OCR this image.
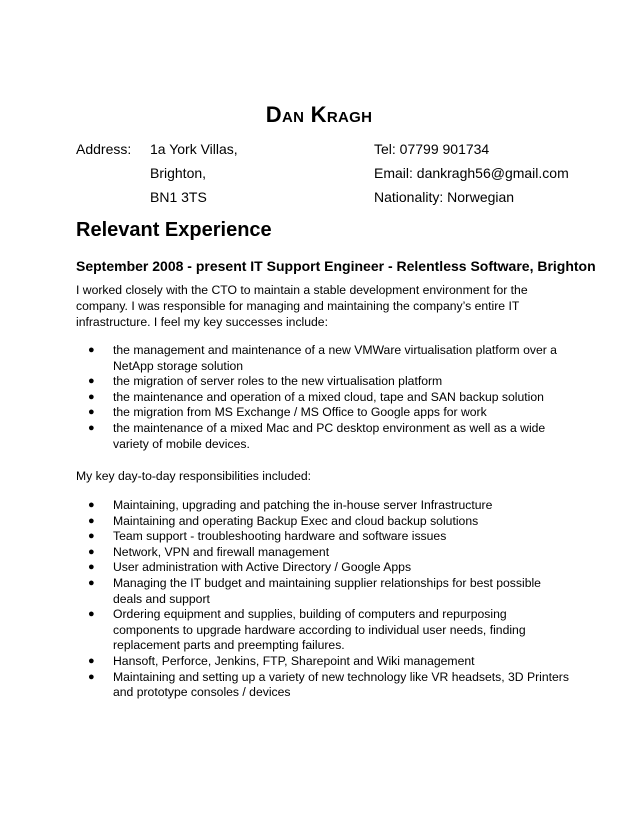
Dan Kragh
Address: 1a York Villas,
Brighton,
BN1 3TS
Tel: 07799 901734
Email: dankragh56@gmail.com
Nationality: Norwegian
Relevant Experience
September 2008 - present IT Support Engineer - Relentless Software, Brighton
I worked closely with the CTO to maintain a stable development environment for the company. I was responsible for managing and maintaining the company’s entire IT infrastructure. I feel my key successes include:
● the management and maintenance of a new VMWare virtualisation platform over a NetApp storage solution
● the migration of server roles to the new virtualisation platform
● the maintenance and operation of a mixed cloud, tape and SAN backup solution
● the migration from MS Exchange / MS Office to Google apps for work
● the maintenance of a mixed Mac and PC desktop environment as well as a wide variety of mobile devices.
My key day-to-day responsibilities included:
● Maintaining, upgrading and patching the in-house server Infrastructure
● Maintaining and operating Backup Exec and cloud backup solutions
● Team support - troubleshooting hardware and software issues
● Network, VPN and firewall management
● User administration with Active Directory / Google Apps
● Managing the IT budget and maintaining supplier relationships for best possible deals and support
● Ordering equipment and supplies, building of computers and repurposing components to upgrade hardware according to individual user needs, finding replacement parts and preempting failures.
● Hansoft, Perforce, Jenkins, FTP, Sharepoint and Wiki management
● Maintaining and setting up a variety of new technology like VR headsets, 3D Printers and prototype consoles / devices
